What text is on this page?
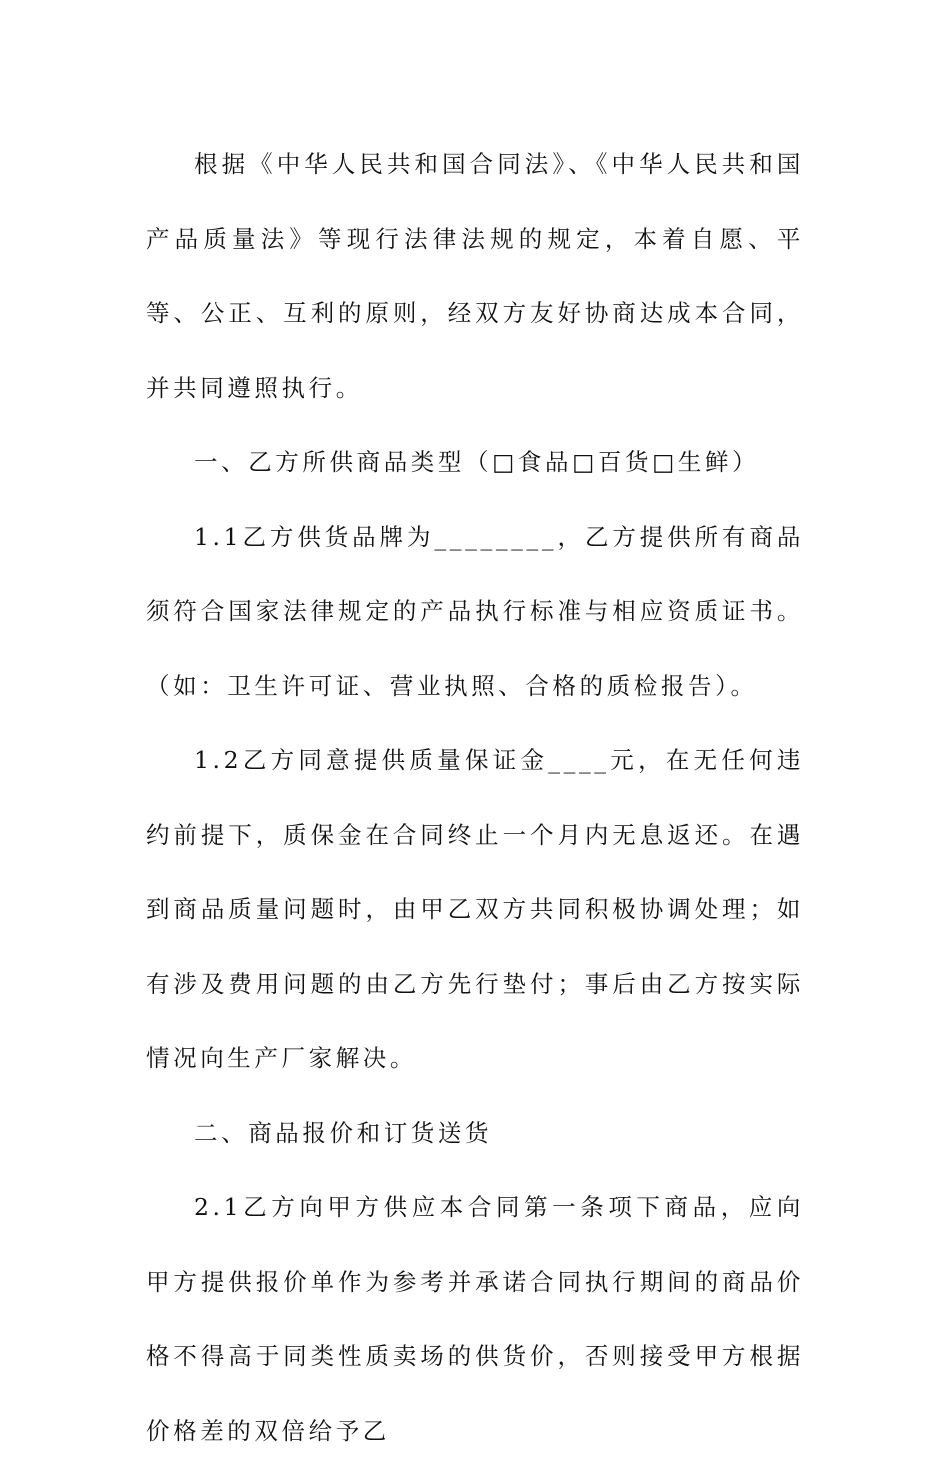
根据《中华人民共和国合同法》、《中华人民共和国产品质量法》等现行法律法规的规定，本着自愿、平等、公正、互利的原则，经双方友好协商达成本合同，并共同遵照执行。

一、乙方所供商品类型（□食品□百货□生鲜）

1.1乙方供货品牌为________，乙方提供所有商品须符合国家法律规定的产品执行标准与相应资质证书。（如：卫生许可证、营业执照、合格的质检报告）。

1.2乙方同意提供质量保证金____元，在无任何违约前提下，质保金在合同终止一个月内无息返还。在遇到商品质量问题时，由甲乙双方共同积极协调处理；如有涉及费用问题的由乙方先行垫付；事后由乙方按实际情况向生产厂家解决。

二、商品报价和订货送货

2.1乙方向甲方供应本合同第一条项下商品，应向甲方提供报价单作为参考并承诺合同执行期间的商品价格不得高于同类性质卖场的供货价，否则接受甲方根据价格差的双倍给予乙
